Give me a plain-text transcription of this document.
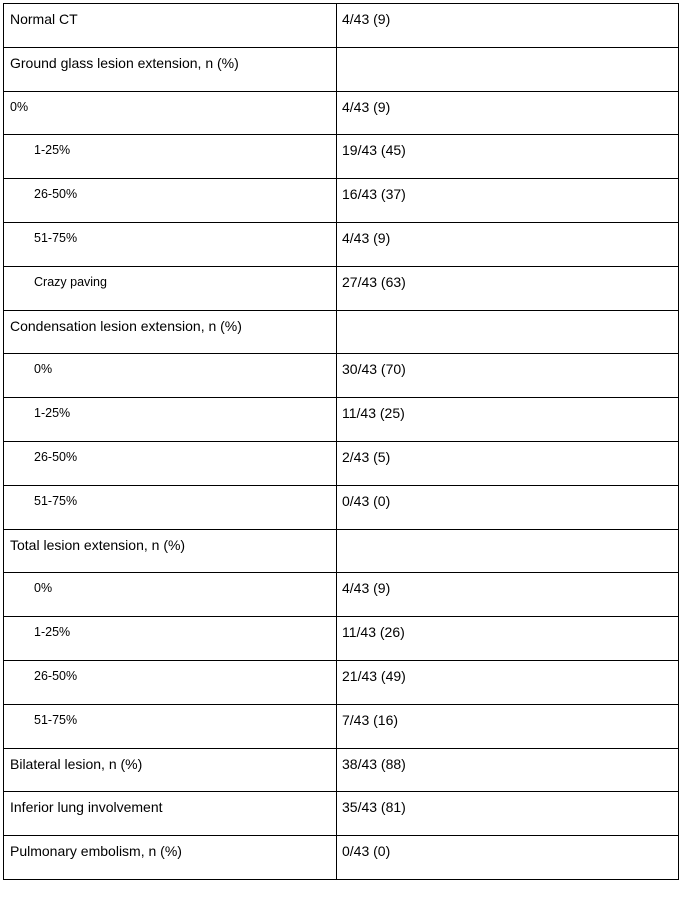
Normal CT	4/43 (9)

Ground glass lesion extension, n (%)	

0%	4/43 (9)

1-25%	19/43 (45)

26-50%	16/43 (37)

51-75%	4/43 (9)

Crazy paving	27/43 (63)

Condensation lesion extension, n (%)	

0%	30/43 (70)

1-25%	11/43 (25)

26-50%	2/43 (5)

51-75%	0/43 (0)

Total lesion extension, n (%)	

0%	4/43 (9)

1-25%	11/43 (26)

26-50%	21/43 (49)

51-75%	7/43 (16)

Bilateral lesion, n (%)	38/43 (88)

Inferior lung involvement	35/43 (81)

Pulmonary embolism, n (%)	0/43 (0)
